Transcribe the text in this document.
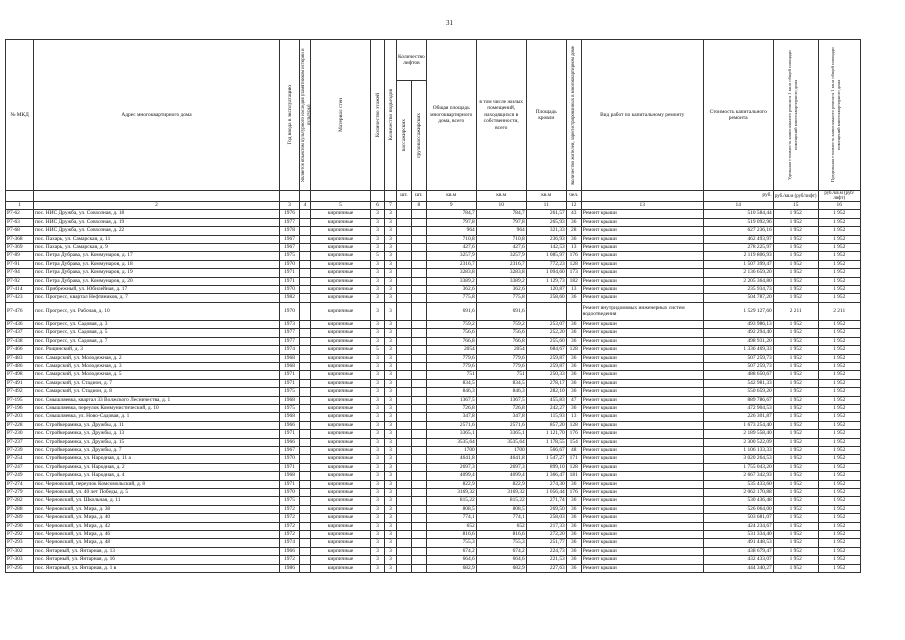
31
№ МКД	Адрес многоквартирного дома	Год ввода в эксплуатацию	Является объектом культурного наследия (памятником истории и культуры)	Материал стен	Количество этажей	Количество подъездов	Количество лифтов		Общая площадь многоквартирного дома, всего	в том числе жилых помещений, находящихся в собственности, всего	Площадь кровли	Количество жителей, зарегистрированных в многоквартирном доме	Вид работ по капитальному ремонту	Стоимость капитального ремонта	Удельная стоимость капитального ремонта 1 кв.м общей площади помещений многоквартирного дома	Предельная стоимость капитального ремонта 1 кв.м общей площади помещений многоквартирного дома

							пассажирских	грузопассажирских								

							шт.	шт.	кв.м	кв.м	кв.м	чел.		руб.	руб./кв.м (руб/лифт)	руб./кв.м (руб/лифт)
1	2	3	4	5	6	7		8	9	10	11	12	13	14	15	16
P7-62	пос. НИС Дружба, ул. Совхозная, д. 18	1976		кирпичные	3	3			784,7	784,7	261,57	43	Ремонт крыши	510 584,44	1 952	1 952
P7-63	пос. НИС Дружба, ул. Совхозная, д. 19	1977		кирпичные	3	3			797,8	797,8	265,93	36	Ремонт крыши	519 092,96	1 952	1 952
P7-68	пос. НИС Дружба, ул. Совхозная, д. 22	1978		кирпичные	3	3			964	964	321,33	28	Ремонт крыши	627 236,16	1 952	1 952
P7-368	пос. Пахарь, ул. Самарская, д. 11	1967		кирпичные	3	3			710,8	710,8	236,93	36	Ремонт крыши	462 493,97	1 952	1 952
P7-369	пос. Пахарь, ул. Самарская, д. 9	1967		кирпичные	3	3			427,6	427,6	142,53	13	Ремонт крыши	278 225,97	1 952	1 952
P7-89	пос. Петра Дубрава, ул. Коммунаров, д. 17	1975		кирпичные	5	3			3257,9	3257,9	1 085,97	176	Ремонт крыши	2 119 806,93	1 952	1 952
P7-91	пос. Петра Дубрава, ул. Коммунаров, д. 18	1970		кирпичные	3	3			2316,7	2316,7	772,23	128	Ремонт крыши	1 507 399,47	1 952	1 952
P7-94	пос. Петра Дубрава, ул. Коммунаров, д. 19	1971		кирпичные	3	3			3283,8	3283,8	1 094,60	173	Ремонт крыши	2 136 659,20	1 952	1 952
P7-92	пос. Петра Дубрава, ул. Коммунаров, д. 20	1971		кирпичные	3	3			3389,2	3389,2	1 129,73	182	Ремонт крыши	2 205 364,80	1 952	1 952
P7-414	пос. Прибрежный, ул. Юбилейная, д. 17	1970		кирпичные	3	3			362,6	362,6	120,87	13	Ремонт крыши	235 934,73	1 952	1 952
P7-423	пос. Прогресс, квартал Нефтяников, д. 7	1982		кирпичные	3	3			775,8	775,8	258,60	36	Ремонт крыши	504 787,20	1 952	1 952
P7-476	пос. Прогресс, ул. Рабочая, д. 10	1970		кирпичные	3	3			691,6	691,6			Ремонт внутридомовых инженерных систем водоотведения	1 529 127,60	2 211	2 211
P7-436	пос. Прогресс, ул. Садовая, д. 3	1973		кирпичные	3	3			759,2	759,2	253,07	36	Ремонт крыши	493 986,13	1 952	1 952
P7-437	пос. Прогресс, ул. Садовая, д. 5	1977		кирпичные	3	3			756,6	756,6	252,20	36	Ремонт крыши	492 294,40	1 952	1 952
P7-438	пос. Прогресс, ул. Садовая, д. 7	1977		кирпичные	3	3			766,8	766,8	255,60	36	Ремонт крыши	498 931,20	1 952	1 952
P7-466	пос. Рощинский, д. 3	1974		кирпичные	5	3			2054	2054	684,67	128	Ремонт крыши	1 336 469,33	1 952	1 952
P7-483	пос. Самарский, ул. Молодежная, д. 2	1968		кирпичные	3	3			779,6	779,6	259,87	36	Ремонт крыши	507 259,73	1 952	1 952
P7-486	пос. Самарский, ул. Молодежная, д. 3	1968		кирпичные	3	3			779,6	779,6	259,87	36	Ремонт крыши	507 259,73	1 952	1 952
P7-498	пос. Самарский, ул. Молодежная, д. 5	1971		кирпичные	3	3			751	751	250,33	36	Ремонт крыши	488 650,67	1 952	1 952
P7-491	пос. Самарский, ул. Стадион, д. 7	1971		кирпичные	3	3			834,5	834,5	278,17	36	Ремонт крыши	542 981,33	1 952	1 952
P7-492	пос. Самарский, ул. Стадион, д. 8	1975		кирпичные	3	3			846,3	846,3	282,10	36	Ремонт крыши	550 659,20	1 952	1 952
P7-195	пос. Смышляевка, квартал 33 Волжского Лесничества, д. 1	1968		кирпичные	3	3			1367,5	1367,5	455,83	47	Ремонт крыши	889 786,67	1 952	1 952
P7-196	пос. Смышляевка, переулок Коммунистический, д. 10	1975		кирпичные	3	3			726,8	726,8	242,27	36	Ремонт крыши	472 904,53	1 952	1 952
P7-203	пос. Смышляевка, ул. Ново-Садовая, д. 1	1968		кирпичные	3	3			347,8	347,8	115,93	13	Ремонт крыши	226 301,87	1 952	1 952
P7-228	пос. Стройкерамика, ул. Дружбы, д. 11	1966		кирпичные	3	3			2571,6	2571,6	857,20	128	Ремонт крыши	1 673 254,40	1 952	1 952
P7-230	пос. Стройкерамика, ул. Дружбы, д. 13	1971		кирпичные	3	3			3365,1	3365,1	1 121,70	176	Ремонт крыши	2 189 558,40	1 952	1 952
P7-237	пос. Стройкерамика, ул. Дружбы, д. 15	1966		кирпичные	3	3			3535,64	3535,64	1 178,55	154	Ремонт крыши	2 300 522,09	1 952	1 952
P7-239	пос. Стройкерамика, ул. Дружбы, д. 7	1967		кирпичные	3	3			1700	1700	566,67	48	Ремонт крыши	1 106 133,33	1 952	1 952
P7-254	пос. Стройкерамика, ул. Народная, д. 11 а	1970		кирпичные	3	3			4641,8	4641,8	1 547,27	171	Ремонт крыши	3 020 264,53	1 952	1 952
P7-247	пос. Стройкерамика, ул. Народная, д. 2	1971		кирпичные	3	3			2697,3	2697,3	899,10	128	Ремонт крыши	1 755 043,20	1 952	1 952
P7-249	пос. Стройкерамика, ул. Народная, д. 4	1968		кирпичные	3	3			4099,4	4099,4	1 366,47	181	Ремонт крыши	2 667 342,93	1 952	1 952
P7-274	пос. Черновский, переулок Комсомольский, д. 8	1971		кирпичные	3	3			822,9	822,9	274,30	36	Ремонт крыши	535 433,60	1 952	1 952
P7-279	пос. Черновский, ул. 40 лет Победы, д. 5	1970		кирпичные	3	3			3169,32	3169,32	1 056,44	176	Ремонт крыши	2 062 170,88	1 952	1 952
P7-282	пос. Черновский, ул. Школьная, д. 11	1975		кирпичные	3	3			815,22	815,22	271,74	36	Ремонт крыши	530 436,48	1 952	1 952
P7-288	пос. Черновский, ул. Мира, д. 38	1972		кирпичные	3	3			808,5	808,5	269,50	36	Ремонт крыши	526 064,00	1 952	1 952
P7-289	пос. Черновский, ул. Мира, д. 40	1972		кирпичные	3	3			774,1	774,1	258,03	36	Ремонт крыши	503 681,07	1 952	1 952
P7-290	пос. Черновский, ул. Мира, д. 42	1972		кирпичные	3	3			652	652	217,33	36	Ремонт крыши	424 234,67	1 952	1 952
P7-292	пос. Черновский, ул. Мира, д. 46	1972		кирпичные	3	3			816,6	816,6	272,20	36	Ремонт крыши	531 334,40	1 952	1 952
P7-293	пос. Черновский, ул. Мира, д. 48	1974		кирпичные	3	3			755,3	755,3	251,77	36	Ремонт крыши	491 448,53	1 952	1 952
P7-302	пос. Янтарный, ул. Янтарная, д. 13	1966		кирпичные	3	3			674,2	674,2	224,73	36	Ремонт крыши	438 679,47	1 952	1 952
P7-303	пос. Янтарный, ул. Янтарная, д. 16	1972		кирпичные	3	3			664,6	664,6	221,53	36	Ремонт крыши	432 433,07	1 952	1 952
P7-295	пос. Янтарный, ул. Янтарная, д. 1 в	1986		кирпичные	3	3			682,9	682,9	227,63	36	Ремонт крыши	444 340,27	1 952	1 952
